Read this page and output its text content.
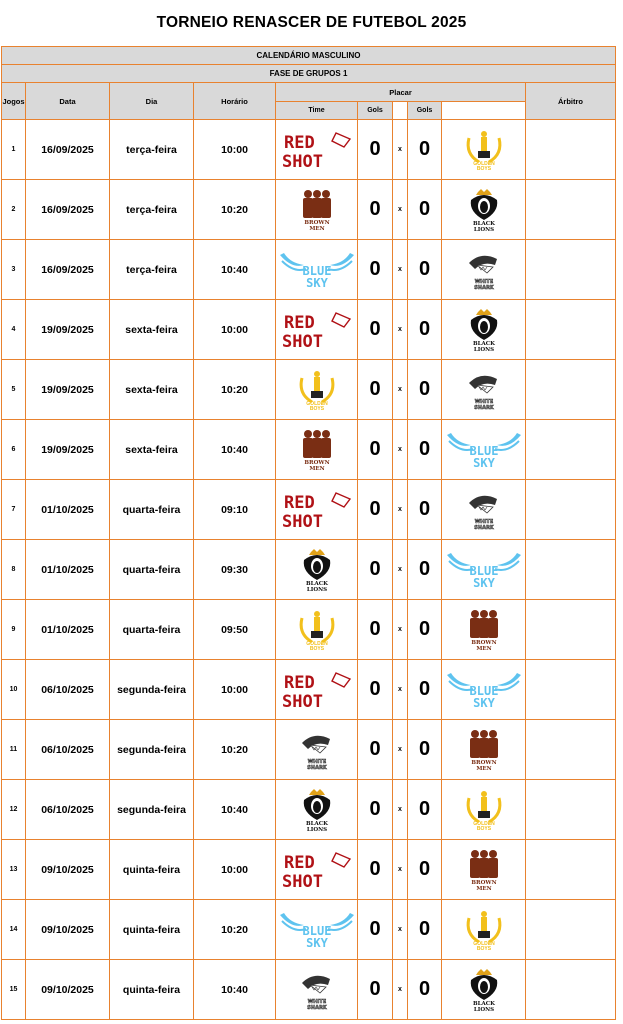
TORNEIO RENASCER DE FUTEBOL 2025
CALENDÁRIO MASCULINO									
FASE DE GRUPOS 1									
Jogos	Data	Dia	Horário	Placar					Árbitro
				Time	Gols		Gols		
1	16/09/2025	terça-feira	10:00	RED
SHOT	0	x	0	GOLDEN
BOYS	

2	16/09/2025	terça-feira	10:20	BROWN
MEN	0	x	0	BLACK
LIONS	

3	16/09/2025	terça-feira	10:40	BLUE
SKY	0	x	0	WHITE
SHARK	

4	19/09/2025	sexta-feira	10:00	RED
SHOT	0	x	0	BLACK
LIONS	

5	19/09/2025	sexta-feira	10:20	GOLDEN
BOYS	0	x	0	WHITE
SHARK	

6	19/09/2025	sexta-feira	10:40	BROWN
MEN	0	x	0	BLUE
SKY	

7	01/10/2025	quarta-feira	09:10	RED
SHOT	0	x	0	WHITE
SHARK	

8	01/10/2025	quarta-feira	09:30	BLACK
LIONS	0	x	0	BLUE
SKY	

9	01/10/2025	quarta-feira	09:50	GOLDEN
BOYS	0	x	0	BROWN
MEN	

10	06/10/2025	segunda-feira	10:00	RED
SHOT	0	x	0	BLUE
SKY	

11	06/10/2025	segunda-feira	10:20	WHITE
SHARK	0	x	0	BROWN
MEN	

12	06/10/2025	segunda-feira	10:40	BLACK
LIONS	0	x	0	GOLDEN
BOYS	

13	09/10/2025	quinta-feira	10:00	RED
SHOT	0	x	0	BROWN
MEN	

14	09/10/2025	quinta-feira	10:20	BLUE
SKY	0	x	0	GOLDEN
BOYS	

15	09/10/2025	quinta-feira	10:40	WHITE
SHARK	0	x	0	BLACK
LIONS	
